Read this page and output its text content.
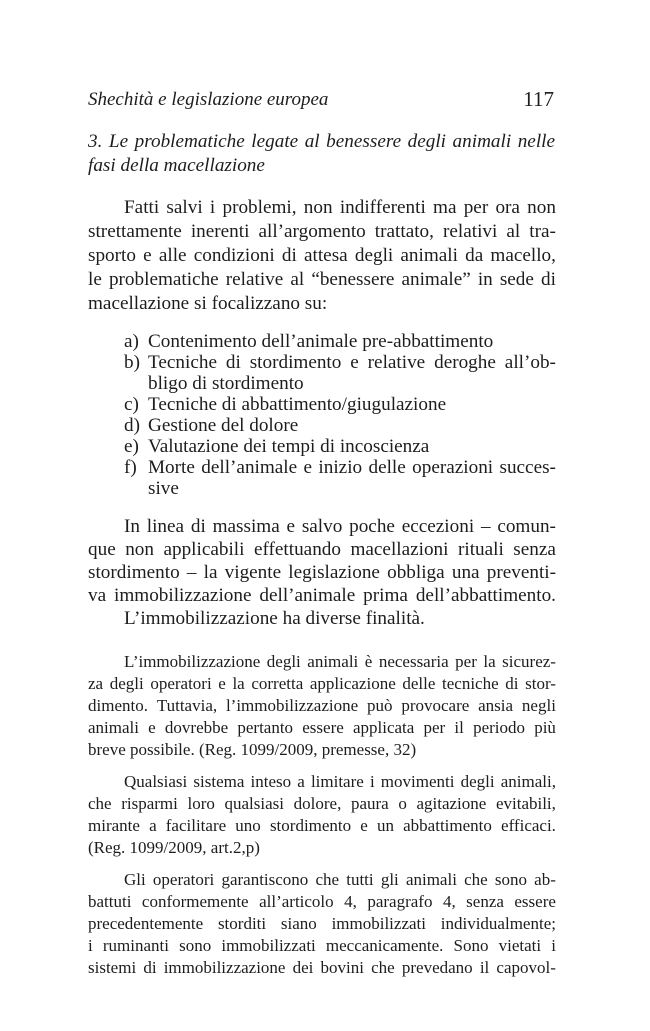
Shechità e legislazione europea	117
3. Le problematiche legate al benessere degli animali nelle fasi della macellazione
Fatti salvi i problemi, non indifferenti ma per ora non
strettamente inerenti all’argomento trattato, relativi al tra-
sporto e alle condizioni di attesa degli animali da macello,
le problematiche relative al “benessere animale” in sede di
macellazione si focalizzano su:
a) Contenimento dell’animale pre-abbattimento
b) Tecniche di stordimento e relative deroghe all’ob-
bligo di stordimento
c) Tecniche di abbattimento/giugulazione
d) Gestione del dolore
e) Valutazione dei tempi di incoscienza
f) Morte dell’animale e inizio delle operazioni succes-
sive
In linea di massima e salvo poche eccezioni – comun-
que non applicabili effettuando macellazioni rituali senza
stordimento – la vigente legislazione obbliga una preventi-
va immobilizzazione dell’animale prima dell’abbattimento.
L’immobilizzazione ha diverse finalità.
L’immobilizzazione degli animali è necessaria per la sicurez-
za degli operatori e la corretta applicazione delle tecniche di stor-
dimento. Tuttavia, l’immobilizzazione può provocare ansia negli
animali e dovrebbe pertanto essere applicata per il periodo più
breve possibile. (Reg. 1099/2009, premesse, 32)
Qualsiasi sistema inteso a limitare i movimenti degli animali,
che risparmi loro qualsiasi dolore, paura o agitazione evitabili,
mirante a facilitare uno stordimento e un abbattimento efficaci.
(Reg. 1099/2009, art.2,p)
Gli operatori garantiscono che tutti gli animali che sono ab-
battuti conformemente all’articolo 4, paragrafo 4, senza essere
precedentemente storditi siano immobilizzati individualmente;
i ruminanti sono immobilizzati meccanicamente. Sono vietati i
sistemi di immobilizzazione dei bovini che prevedano il capovol-
